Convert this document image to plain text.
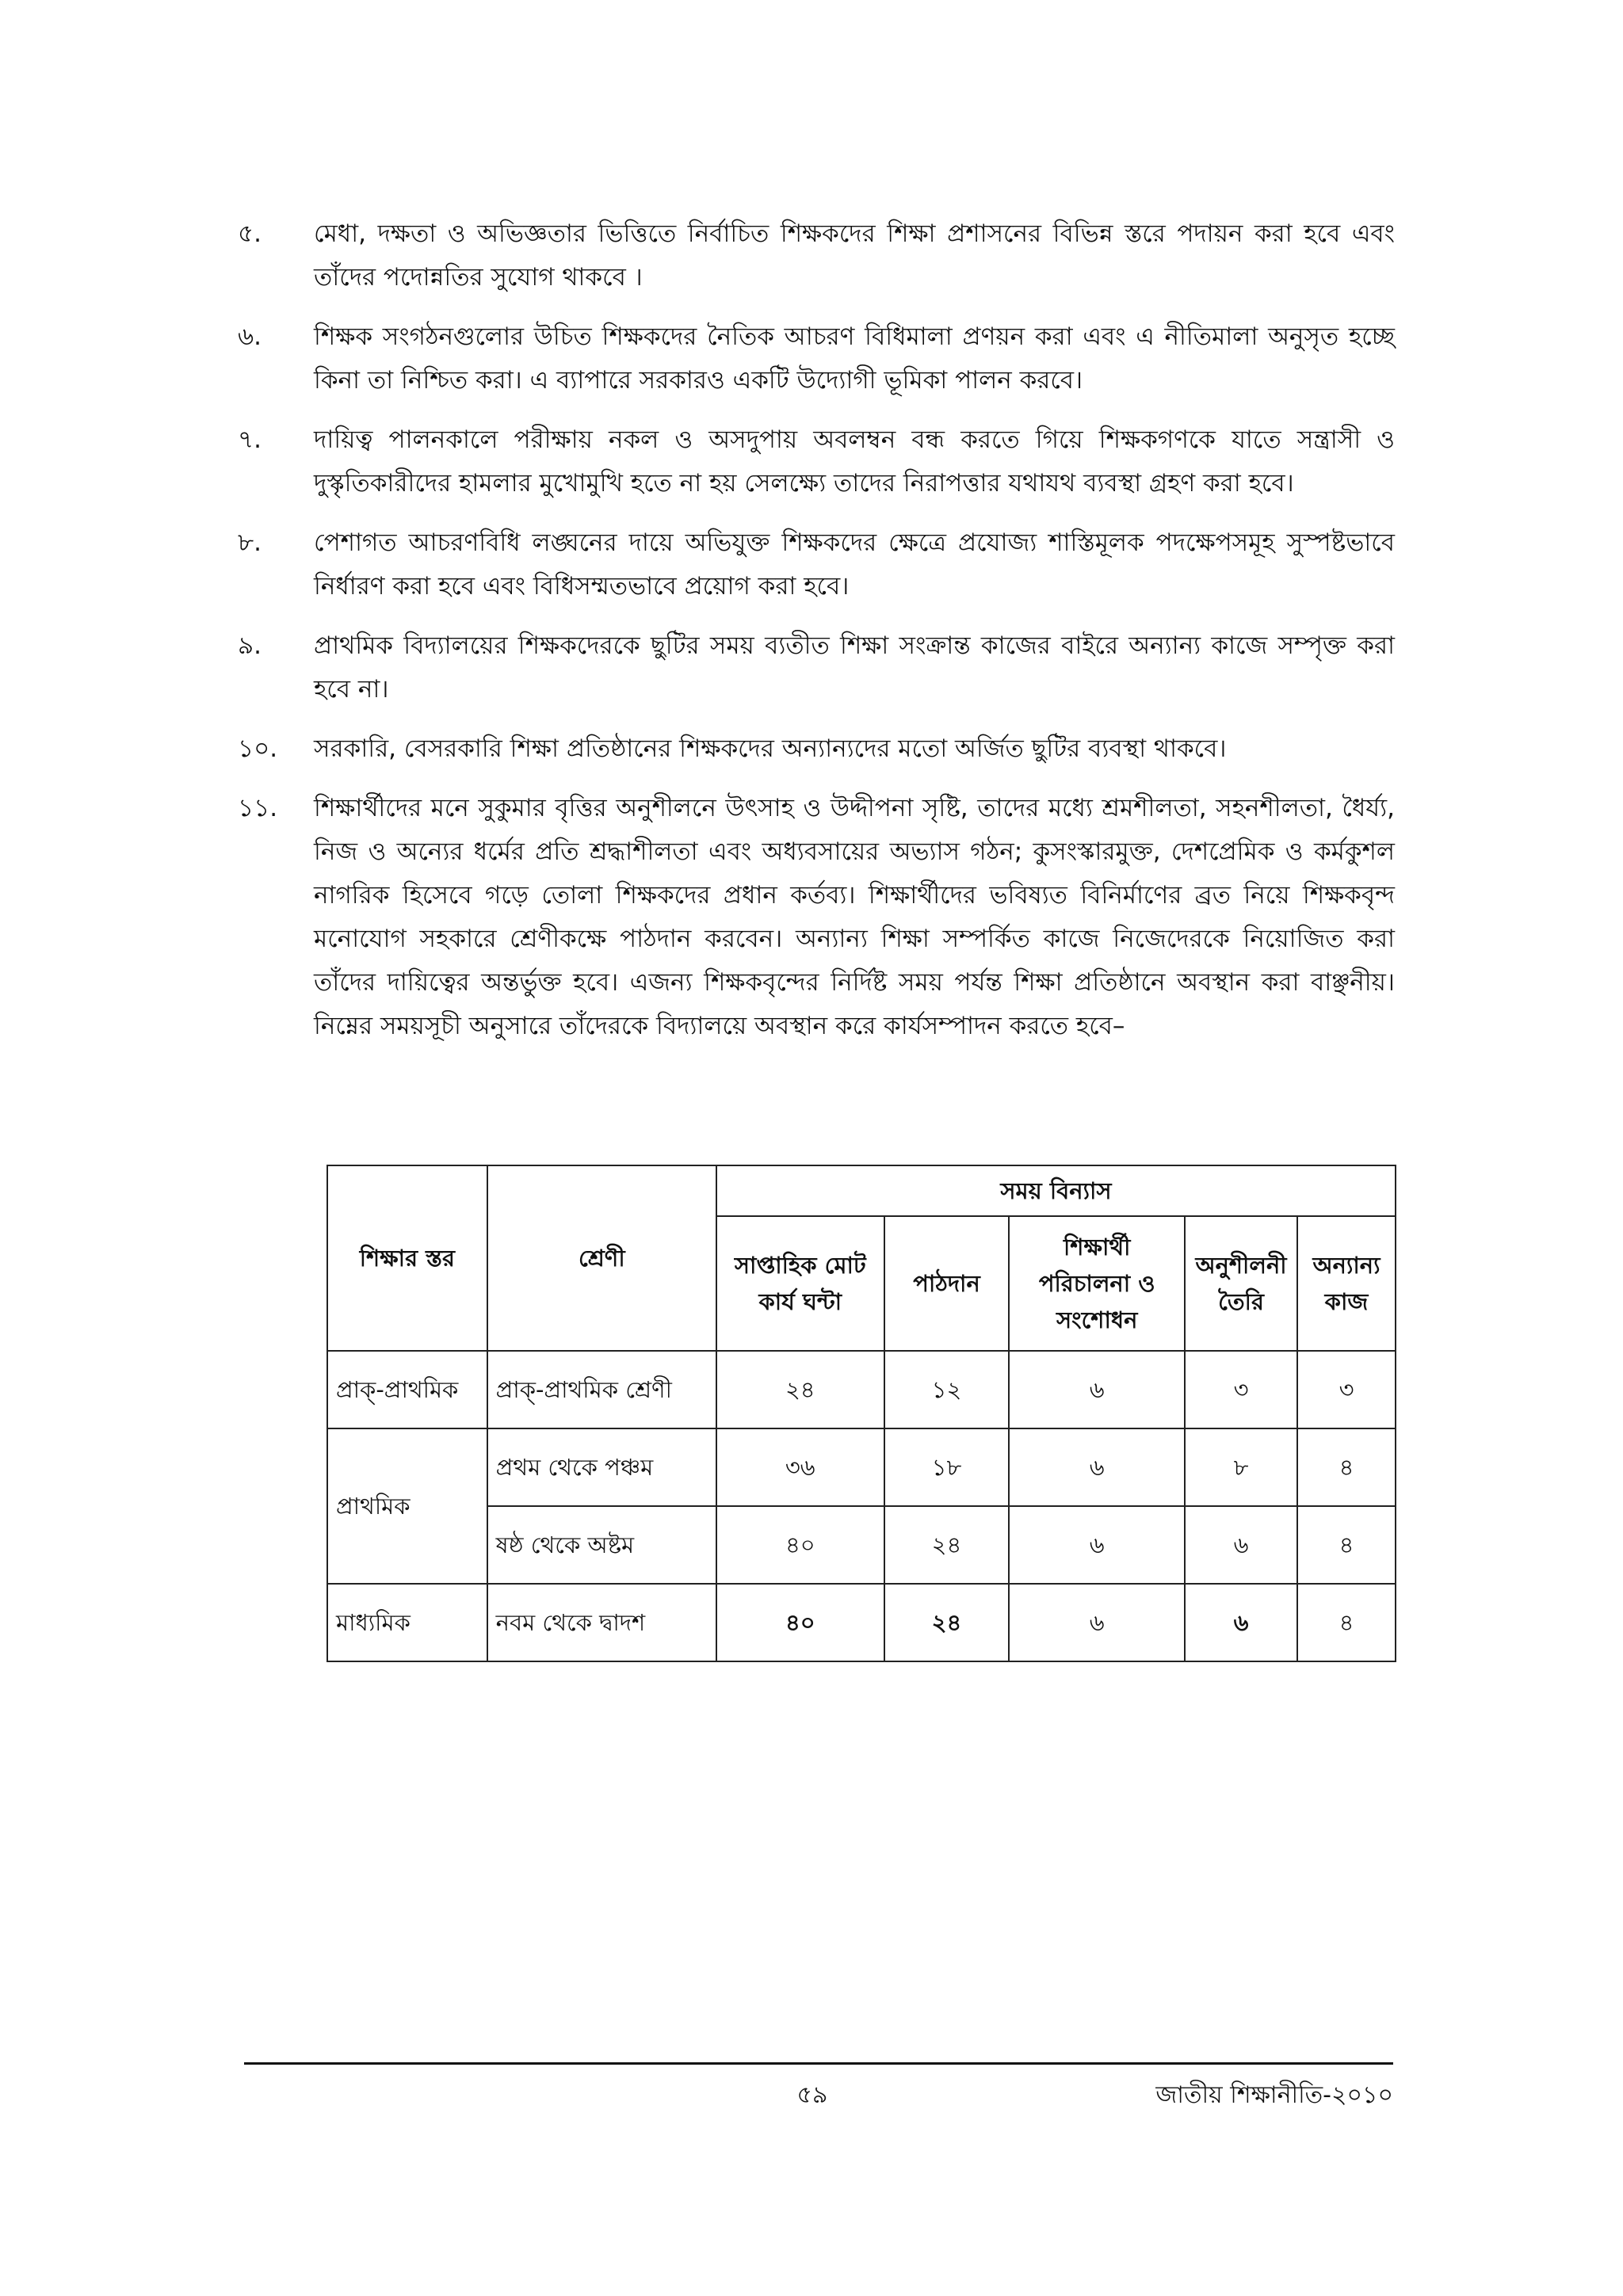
৫.	মেধা, দক্ষতা ও অভিজ্ঞতার ভিত্তিতে নির্বাচিত শিক্ষকদের শিক্ষা প্রশাসনের বিভিন্ন স্তরে পদায়ন করা হবে এবং তাঁদের পদোন্নতির সুযোগ থাকবে ।
৬.	শিক্ষক সংগঠনগুলোর উচিত শিক্ষকদের নৈতিক আচরণ বিধিমালা প্রণয়ন করা এবং এ নীতিমালা অনুসৃত হচ্ছে কিনা তা নিশ্চিত করা। এ ব্যাপারে সরকারও একটি উদ্যোগী ভূমিকা পালন করবে।
৭.	দায়িত্ব পালনকালে পরীক্ষায় নকল ও অসদুপায় অবলম্বন বন্ধ করতে গিয়ে শিক্ষকগণকে যাতে সন্ত্রাসী ও দুস্কৃতিকারীদের হামলার মুখোমুখি হতে না হয় সেলক্ষ্যে তাদের নিরাপত্তার যথাযথ ব্যবস্থা গ্রহণ করা হবে।
৮.	পেশাগত আচরণবিধি লঙ্ঘনের দায়ে অভিযুক্ত শিক্ষকদের ক্ষেত্রে প্রযোজ্য শাস্তিমূলক পদক্ষেপসমূহ সুস্পষ্টভাবে নির্ধারণ করা হবে এবং বিধিসম্মতভাবে প্রয়োগ করা হবে।
৯.	প্রাথমিক বিদ্যালয়ের শিক্ষকদেরকে ছুটির সময় ব্যতীত শিক্ষা সংক্রান্ত কাজের বাইরে অন্যান্য কাজে সম্পৃক্ত করা হবে না।
১০.	সরকারি, বেসরকারি শিক্ষা প্রতিষ্ঠানের শিক্ষকদের অন্যান্যদের মতো অর্জিত ছুটির ব্যবস্থা থাকবে।
১১.	শিক্ষার্থীদের মনে সুকুমার বৃত্তির অনুশীলনে উৎসাহ ও উদ্দীপনা সৃষ্টি, তাদের মধ্যে শ্রমশীলতা, সহনশীলতা, ধৈর্য্য, নিজ ও অন্যের ধর্মের প্রতি শ্রদ্ধাশীলতা এবং অধ্যবসায়ের অভ্যাস গঠন; কুসংস্কারমুক্ত, দেশপ্রেমিক ও কর্মকুশল নাগরিক হিসেবে গড়ে তোলা শিক্ষকদের প্রধান কর্তব্য। শিক্ষার্থীদের ভবিষ্যত বিনির্মাণের ব্রত নিয়ে শিক্ষকবৃন্দ মনোযোগ সহকারে শ্রেণীকক্ষে পাঠদান করবেন। অন্যান্য শিক্ষা সম্পর্কিত কাজে নিজেদেরকে নিয়োজিত করা তাঁদের দায়িত্বের অন্তর্ভুক্ত হবে। এজন্য শিক্ষকবৃন্দের নির্দিষ্ট সময় পর্যন্ত শিক্ষা প্রতিষ্ঠানে অবস্থান করা বাঞ্ছনীয়। নিম্নের সময়সূচী অনুসারে তাঁদেরকে বিদ্যালয়ে অবস্থান করে কার্যসম্পাদন করতে হবে–
শিক্ষার স্তর	শ্রেণী	সময় বিন্যাস				
		সাপ্তাহিক মোট কার্য ঘন্টা	পাঠদান	শিক্ষার্থী পরিচালনা ও সংশোধন	অনুশীলনী তৈরি	অন্যান্য কাজ
প্রাক্-প্রাথমিক	প্রাক্-প্রাথমিক শ্রেণী	২৪	১২	৬	৩	৩
প্রাথমিক	প্রথম থেকে পঞ্চম	৩৬	১৮	৬	৮	৪
	ষষ্ঠ থেকে অষ্টম	৪০	২৪	৬	৬	৪
মাধ্যমিক	নবম থেকে দ্বাদশ	৪০	২৪	৬	৬	৪
৫৯	জাতীয় শিক্ষানীতি-২০১০
